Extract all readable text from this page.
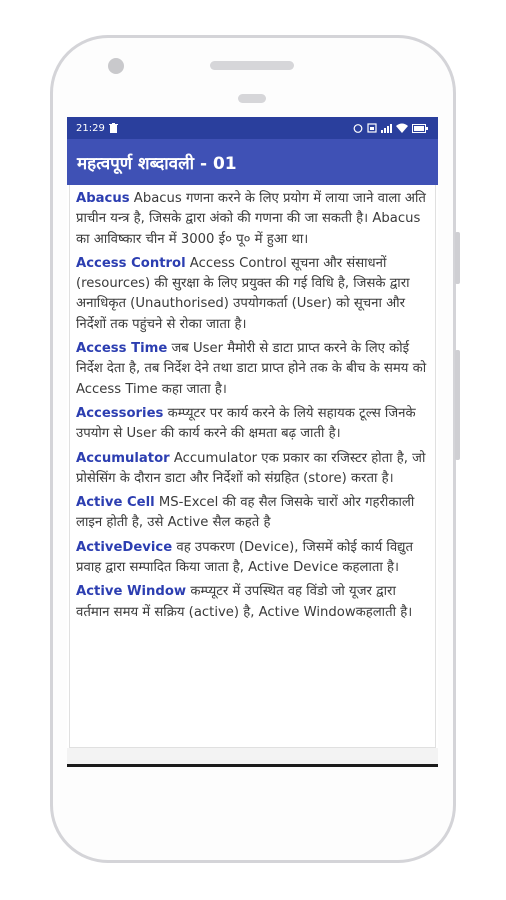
21:29
महत्वपूर्ण शब्दावली - 01
Abacus Abacus गणना करने के लिए प्रयोग में लाया जाने वाला अति प्राचीन यन्त्र है, जिसके द्वारा अंको की गणना की जा सकती है। Abacus का आविष्कार चीन में 3000 ई० पू० में हुआ था।
Access Control Access Control सूचना और संसाधनों (resources) की सुरक्षा के लिए प्रयुक्त की गई विधि है, जिसके द्वारा अनाधिकृत (Unauthorised) उपयोगकर्ता (User) को सूचना और निर्देशों तक पहुंचने से रोका जाता है।
Access Time जब User मैमोरी से डाटा प्राप्त करने के लिए कोई निर्देश देता है, तब निर्देश देने तथा डाटा प्राप्त होने तक के बीच के समय को Access Time कहा जाता है।
Accessories कम्प्यूटर पर कार्य करने के लिये सहायक टूल्स जिनके उपयोग से User की कार्य करने की क्षमता बढ़ जाती है।
Accumulator Accumulator एक प्रकार का रजिस्टर होता है, जो प्रोसेसिंग के दौरान डाटा और निर्देशों को संग्रहित (store) करता है।
Active Cell MS-Excel की वह सैल जिसके चारों ओर गहरीकाली लाइन होती है, उसे Active सैल कहते है
ActiveDevice वह उपकरण (Device), जिसमें कोई कार्य विद्युत प्रवाह द्वारा सम्पादित किया जाता है, Active Device कहलाता है।
Active Window कम्प्यूटर में उपस्थित वह विंडो जो यूजर द्वारा वर्तमान समय में सक्रिय (active) है, Active Windowकहलाती है।
